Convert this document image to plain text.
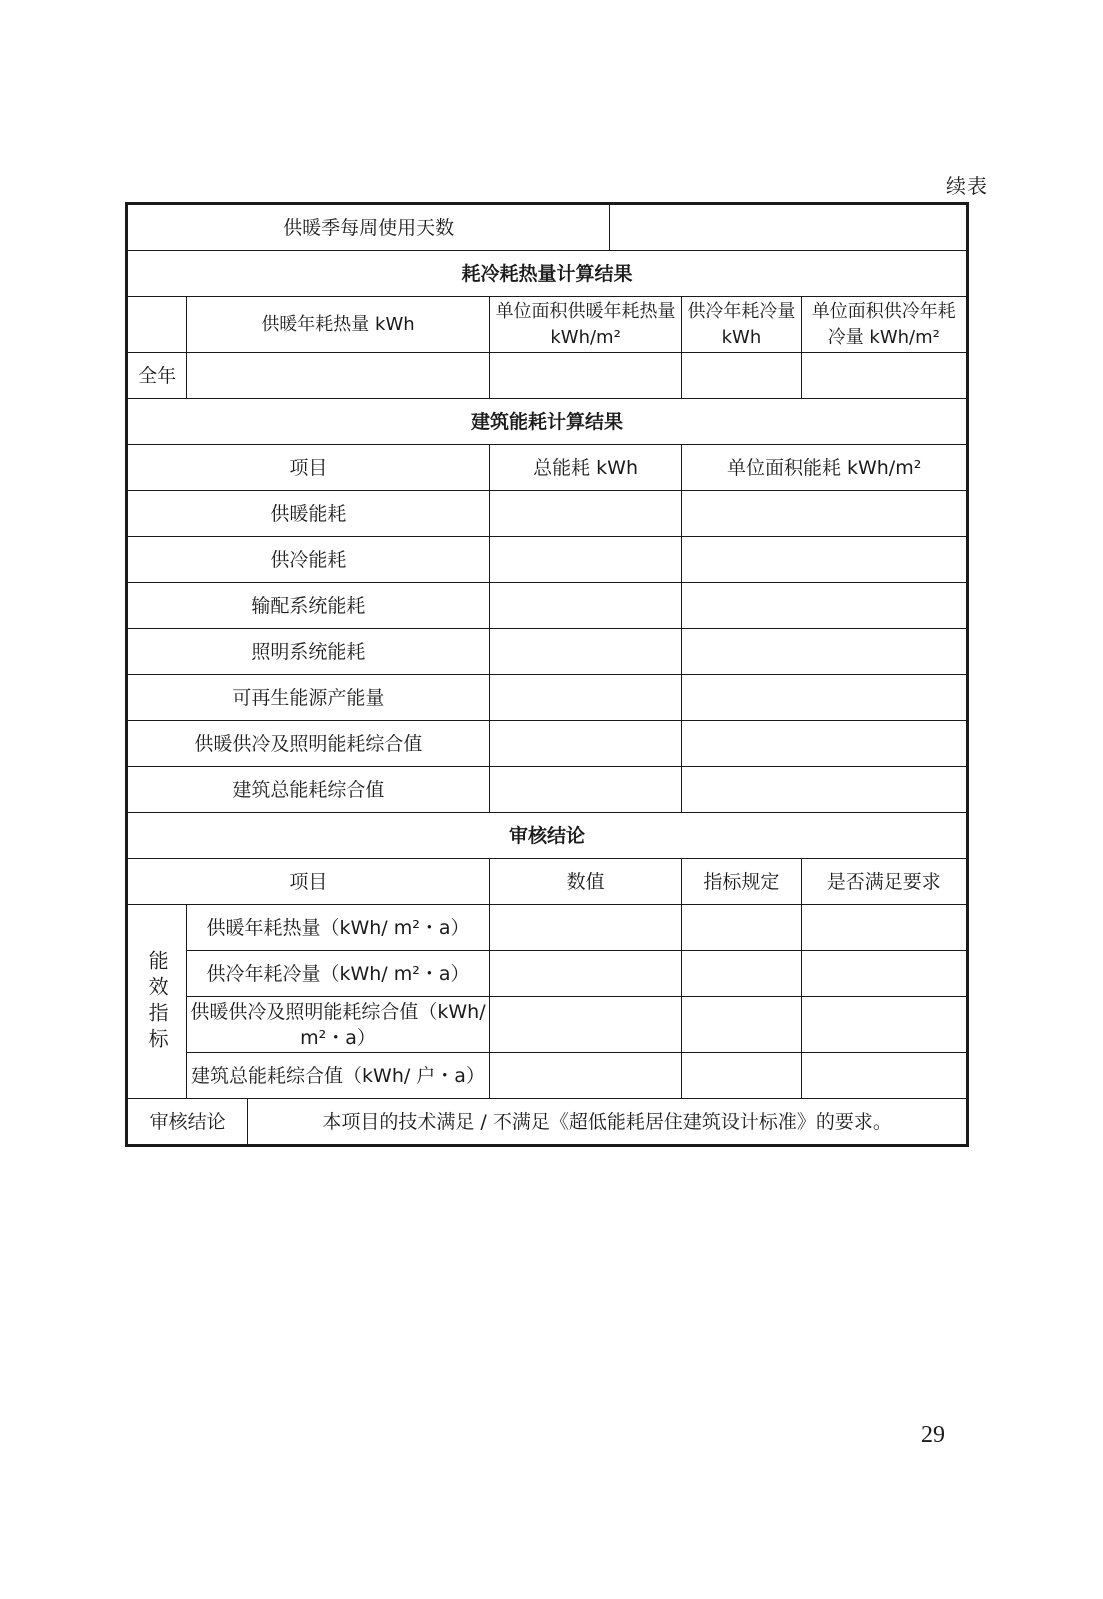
续表
供暖季每周使用天数						
耗冷耗热量计算结果						
	供暖年耗热量 kWh		单位面积供暖年耗热量 kWh/m²		供冷年耗冷量 kWh	单位面积供冷年耗冷量 kWh/m²
全年						
建筑能耗计算结果						
项目			总能耗 kWh		单位面积能耗 kWh/m²	
供暖能耗						
供冷能耗						
输配系统能耗						
照明系统能耗						
可再生能源产能量						
供暖供冷及照明能耗综合值						
建筑总能耗综合值						
审核结论						
项目			数值		指标规定	是否满足要求
能效指标	供暖年耗热量（kWh/ m²・a）					
	供冷年耗冷量（kWh/ m²・a）					
	供暖供冷及照明能耗综合值（kWh/ m²・a）					
	建筑总能耗综合值（kWh/ 户・a）					
审核结论		本项目的技术满足 / 不满足《超低能耗居住建筑设计标准》的要求。				
29
